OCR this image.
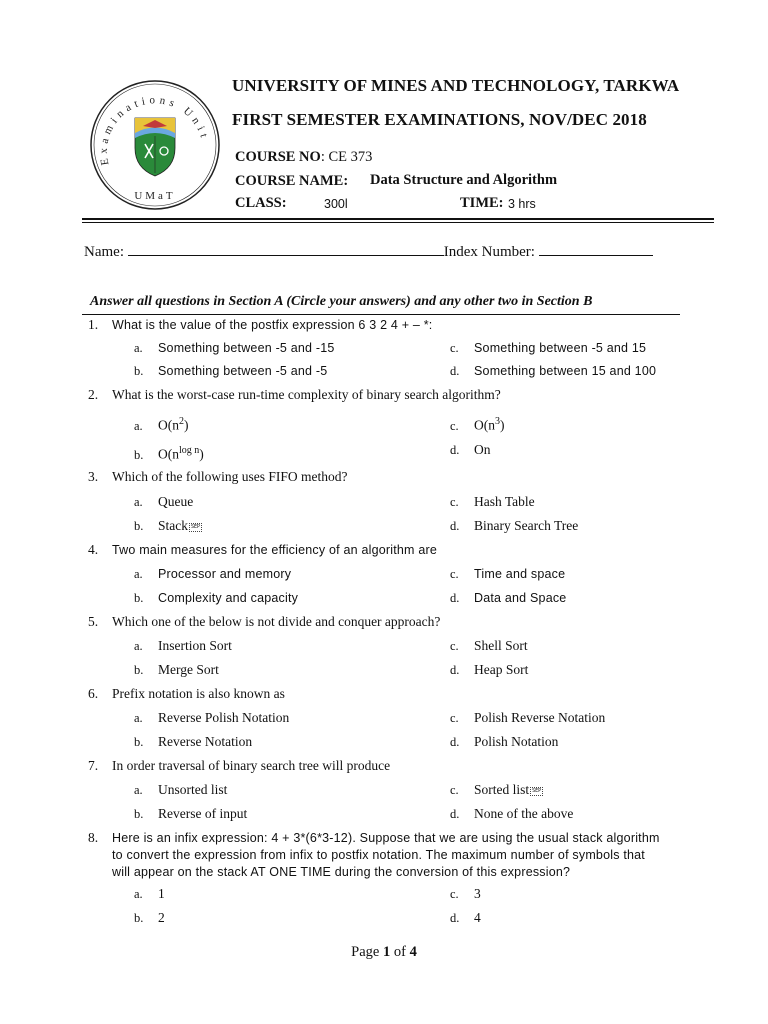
Examinations Unit
UMaT
UNIVERSITY OF MINES AND TECHNOLOGY, TARKWA
FIRST SEMESTER EXAMINATIONS, NOV/DEC 2018
COURSE NO: CE 373
COURSE NAME: Data Structure and Algorithm
CLASS:	300l	TIME: 3 hrs
Name:	Index Number:
Answer all questions in Section A (Circle your answers) and any other two in Section B
1. What is the value of the postfix expression 6 3 2 4 + – *:
a. Something between -5 and -15	c. Something between -5 and 15
b. Something between -5 and -5	d. Something between 15 and 100
2. What is the worst-case run-time complexity of binary search algorithm?
a. $O(n^2)$	c. $O(n^3)$
b. $O(n^{log n})$	d. On
3. Which of the following uses FIFO method?
a. Queue	c. Hash Table
b. Stack SEP	d. Binary Search Tree
4. Two main measures for the efficiency of an algorithm are
a. Processor and memory	c. Time and space
b. Complexity and capacity	d. Data and Space
5. Which one of the below is not divide and conquer approach?
a. Insertion Sort	c. Shell Sort
b. Merge Sort	d. Heap Sort
6. Prefix notation is also known as
a. Reverse Polish Notation	c. Polish Reverse Notation
b. Reverse Notation	d. Polish Notation
7. In order traversal of binary search tree will produce
a. Unsorted list	c. Sorted list SEP
b. Reverse of input	d. None of the above
8. Here is an infix expression: 4 + 3*(6*3-12). Suppose that we are using the usual stack algorithm
to convert the expression from infix to postfix notation. The maximum number of symbols that
will appear on the stack AT ONE TIME during the conversion of this expression?
a. 1	c. 3
b. 2	d. 4
Page 1 of 4
